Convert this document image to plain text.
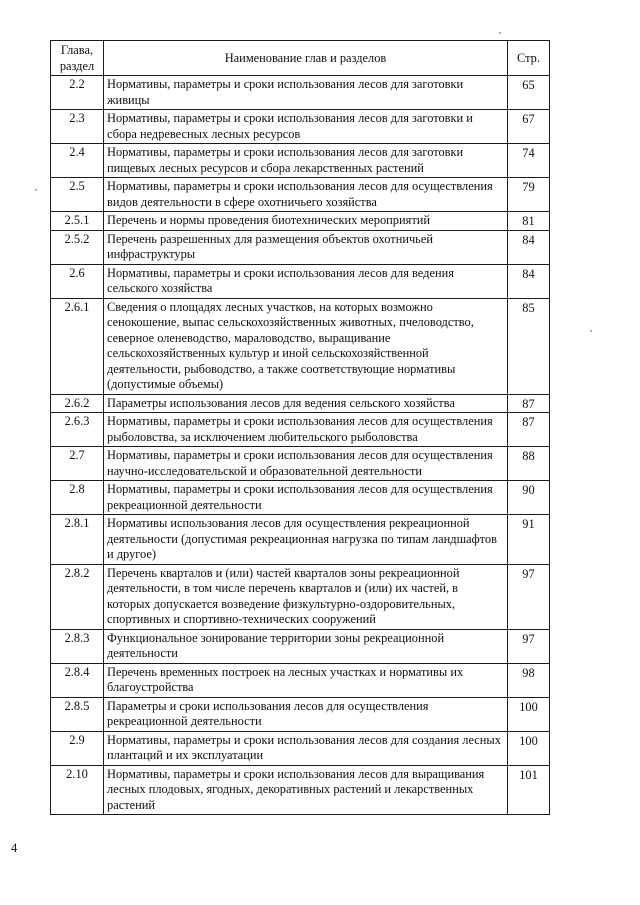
Глава, раздел	Наименование глав и разделов	Стр.
2.2	Нормативы, параметры и сроки использования лесов для заготовки живицы	65
2.3	Нормативы, параметры и сроки использования лесов для заготовки и сбора недревесных лесных ресурсов	67
2.4	Нормативы, параметры и сроки использования лесов для заготовки пищевых лесных ресурсов и сбора лекарственных растений	74
2.5	Нормативы, параметры и сроки использования лесов для осуществления видов деятельности в сфере охотничьего хозяйства	79
2.5.1	Перечень и нормы проведения биотехнических мероприятий	81
2.5.2	Перечень разрешенных для размещения объектов охотничьей инфраструктуры	84
2.6	Нормативы, параметры и сроки использования лесов для ведения сельского хозяйства	84
2.6.1	Сведения о площадях лесных участков, на которых возможно сенокошение, выпас сельскохозяйственных животных, пчеловодство, северное оленеводство, мараловодство, выращивание сельскохозяйственных культур и иной сельскохозяйственной деятельности, рыбоводство, а также соответствующие нормативы (допустимые объемы)	85
2.6.2	Параметры использования лесов для ведения сельского хозяйства	87
2.6.3	Нормативы, параметры и сроки использования лесов для осуществления рыболовства, за исключением любительского рыболовства	87
2.7	Нормативы, параметры и сроки использования лесов для осуществления научно-исследовательской и образовательной деятельности	88
2.8	Нормативы, параметры и сроки использования лесов для осуществления рекреационной деятельности	90
2.8.1	Нормативы использования лесов для осуществления рекреационной деятельности (допустимая рекреационная нагрузка по типам ландшафтов и другое)	91
2.8.2	Перечень кварталов и (или) частей кварталов зоны рекреационной деятельности, в том числе перечень кварталов и (или) их частей, в которых допускается возведение физкультурно-оздоровительных, спортивных и спортивно-технических сооружений	97
2.8.3	Функциональное зонирование территории зоны рекреационной деятельности	97
2.8.4	Перечень временных построек на лесных участках и нормативы их благоустройства	98
2.8.5	Параметры и сроки использования лесов для осуществления рекреационной деятельности	100
2.9	Нормативы, параметры и сроки использования лесов для создания лесных плантаций и их эксплуатации	100
2.10	Нормативы, параметры и сроки использования лесов для выращивания лесных плодовых, ягодных, декоративных растений и лекарственных растений	101
4
